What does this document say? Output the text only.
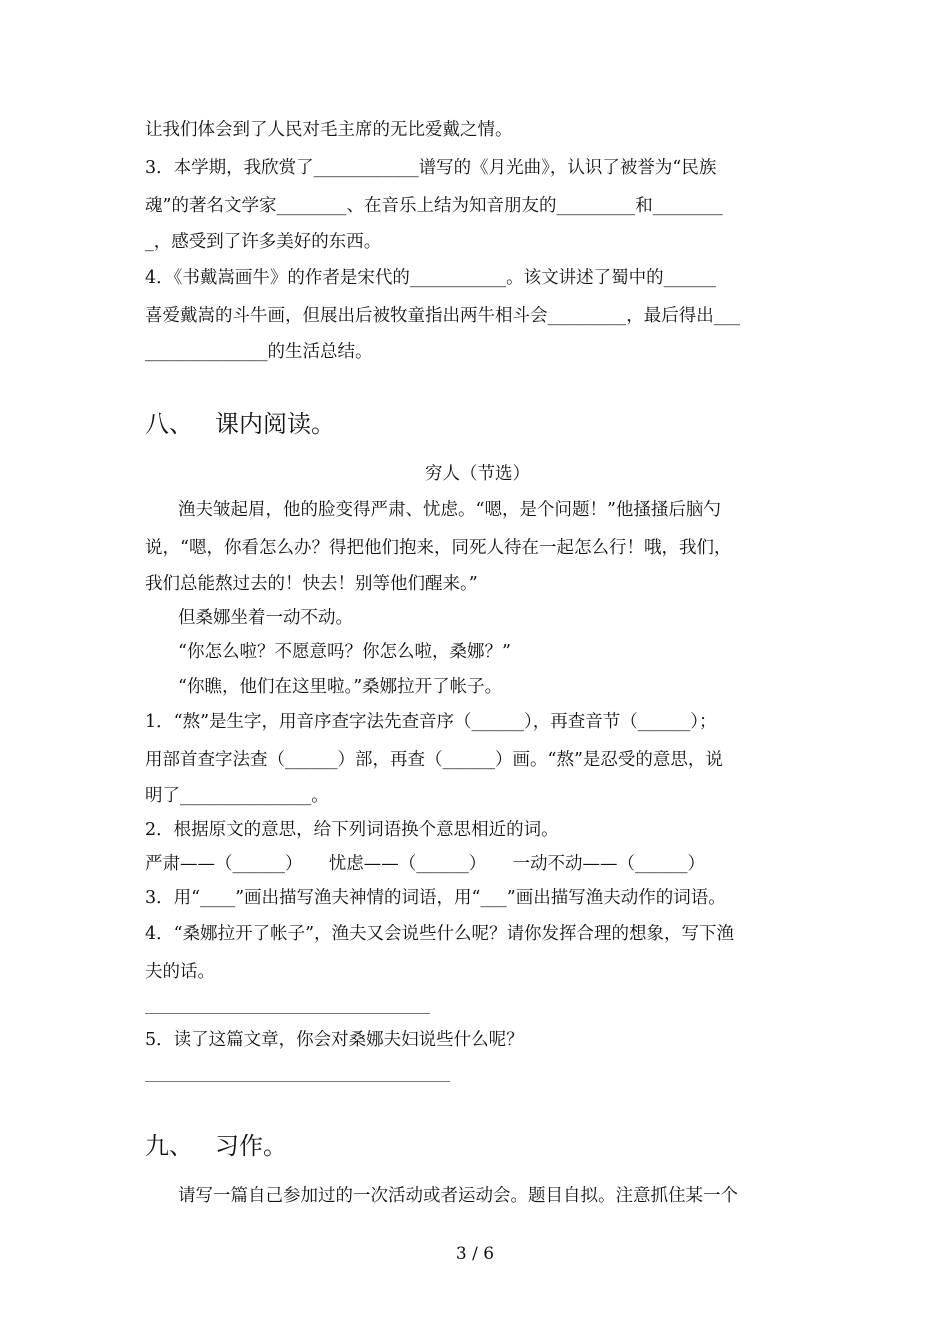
让我们体会到了人民对毛主席的无比爱戴之情。
3．本学期，我欣赏了____________谱写的《月光曲》，认识了被誉为“民族
魂”的著名文学家________、在音乐上结为知音朋友的_________和________
_，感受到了许多美好的东西。
4．《书戴嵩画牛》的作者是宋代的___________。该文讲述了蜀中的______
喜爱戴嵩的斗牛画，但展出后被牧童指出两牛相斗会_________，最后得出___
______________的生活总结。
八、 课内阅读。
穷人（节选）
渔夫皱起眉，他的脸变得严肃、忧虑。“嗯，是个问题！”他搔搔后脑勺
说，“嗯，你看怎么办？得把他们抱来，同死人待在一起怎么行！哦，我们，
我们总能熬过去的！快去！别等他们醒来。”
但桑娜坐着一动不动。
“你怎么啦？不愿意吗？你怎么啦，桑娜？”
“你瞧，他们在这里啦。”桑娜拉开了帐子。
1．“熬”是生字，用音序查字法先查音序（______），再查音节（______）；
用部首查字法查（______）部，再查（______）画。“熬”是忍受的意思，说
明了_______________。
2．根据原文的意思，给下列词语换个意思相近的词。
严肃——（______）　　忧虑——（______）　　一动不动——（______）
3．用“____”画出描写渔夫神情的词语，用“___”画出描写渔夫动作的词语。
4．“桑娜拉开了帐子”，渔夫又会说些什么呢？请你发挥合理的想象，写下渔
夫的话。
5．读了这篇文章，你会对桑娜夫妇说些什么呢？
九、 习作。
请写一篇自己参加过的一次活动或者运动会。题目自拟。注意抓住某一个
3 / 6
